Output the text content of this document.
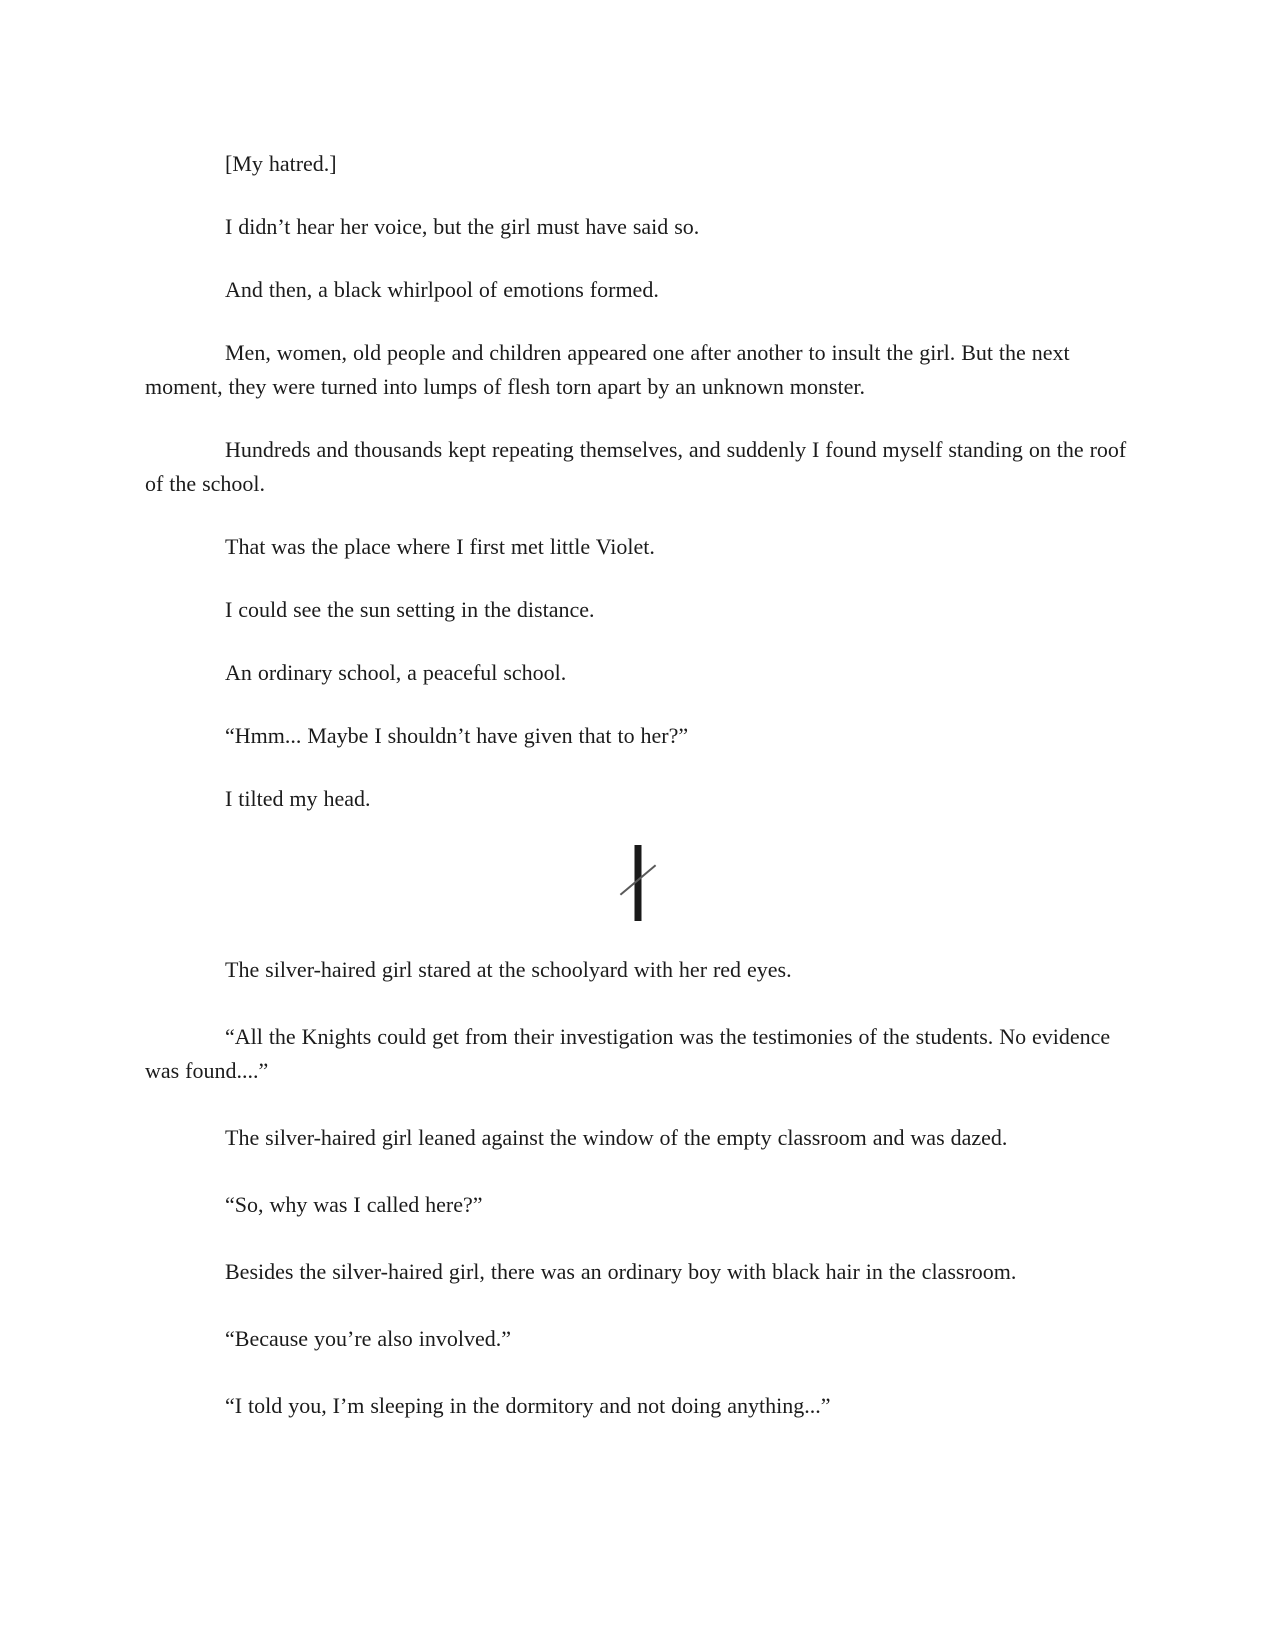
[My hatred.]

I didn’t hear her voice, but the girl must have said so.

And then, a black whirlpool of emotions formed.

Men, women, old people and children appeared one after another to insult the girl. But the next moment, they were turned into lumps of flesh torn apart by an unknown monster.

Hundreds and thousands kept repeating themselves, and suddenly I found myself standing on the roof of the school.

That was the place where I first met little Violet.

I could see the sun setting in the distance.

An ordinary school, a peaceful school.

“Hmm... Maybe I shouldn’t have given that to her?”

I tilted my head.

The silver-haired girl stared at the schoolyard with her red eyes.

“All the Knights could get from their investigation was the testimonies of the students. No evidence was found....”

The silver-haired girl leaned against the window of the empty classroom and was dazed.

“So, why was I called here?”

Besides the silver-haired girl, there was an ordinary boy with black hair in the classroom.

“Because you’re also involved.”

“I told you, I’m sleeping in the dormitory and not doing anything...”
